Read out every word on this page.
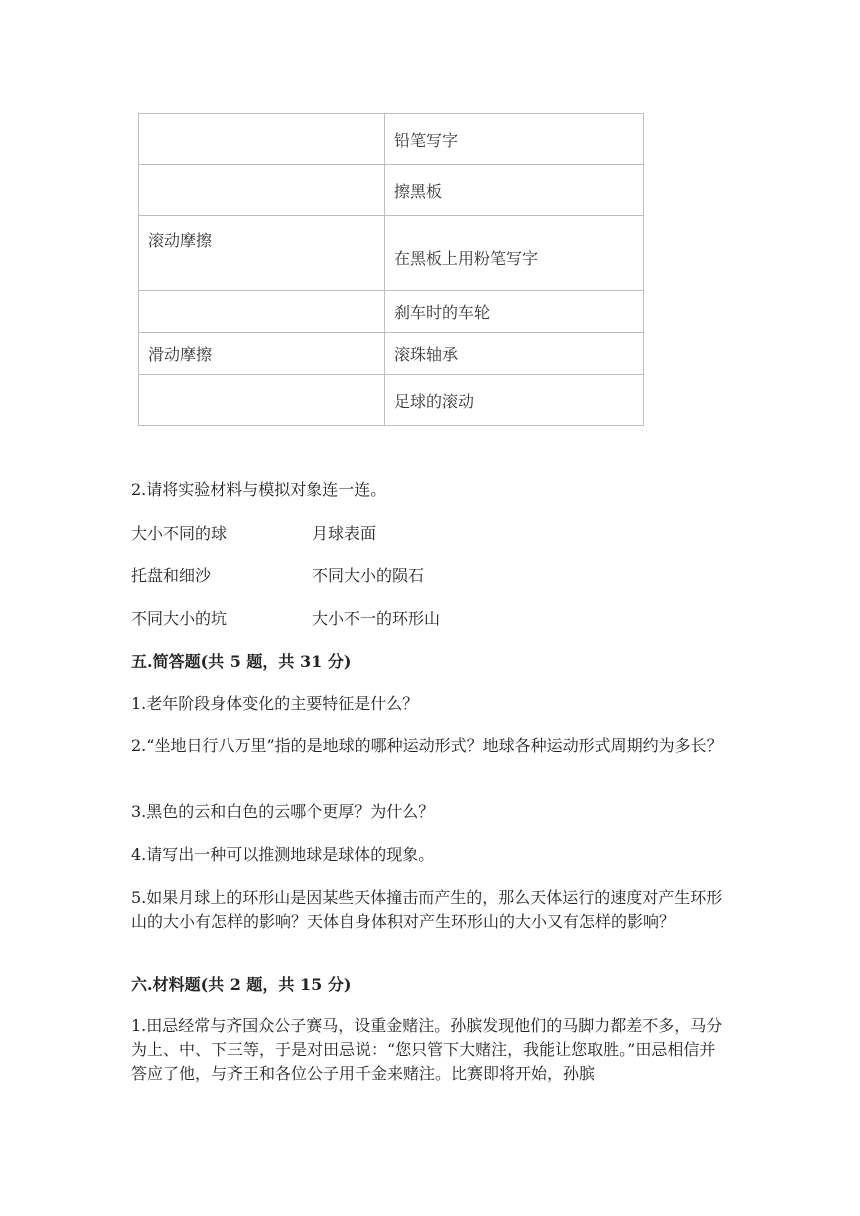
	铅笔写字
	擦黑板
滚动摩擦	在黑板上用粉笔写字
	刹车时的车轮
滑动摩擦	滚珠轴承
	足球的滚动
2.请将实验材料与模拟对象连一连。
大小不同的球	月球表面
托盘和细沙	不同大小的陨石
不同大小的坑	大小不一的环形山
五.简答题(共 5 题，共 31 分)
1.老年阶段身体变化的主要特征是什么？
2.“坐地日行八万里”指的是地球的哪种运动形式？地球各种运动形式周期约为多长？
3.黑色的云和白色的云哪个更厚？为什么？
4.请写出一种可以推测地球是球体的现象。
5.如果月球上的环形山是因某些天体撞击而产生的，那么天体运行的速度对产生环形山的大小有怎样的影响？天体自身体积对产生环形山的大小又有怎样的影响？
六.材料题(共 2 题，共 15 分)
1.田忌经常与齐国众公子赛马，设重金赌注。孙膑发现他们的马脚力都差不多，马分为上、中、下三等，于是对田忌说：“您只管下大赌注，我能让您取胜。”田忌相信并答应了他，与齐王和各位公子用千金来赌注。比赛即将开始，孙膑
